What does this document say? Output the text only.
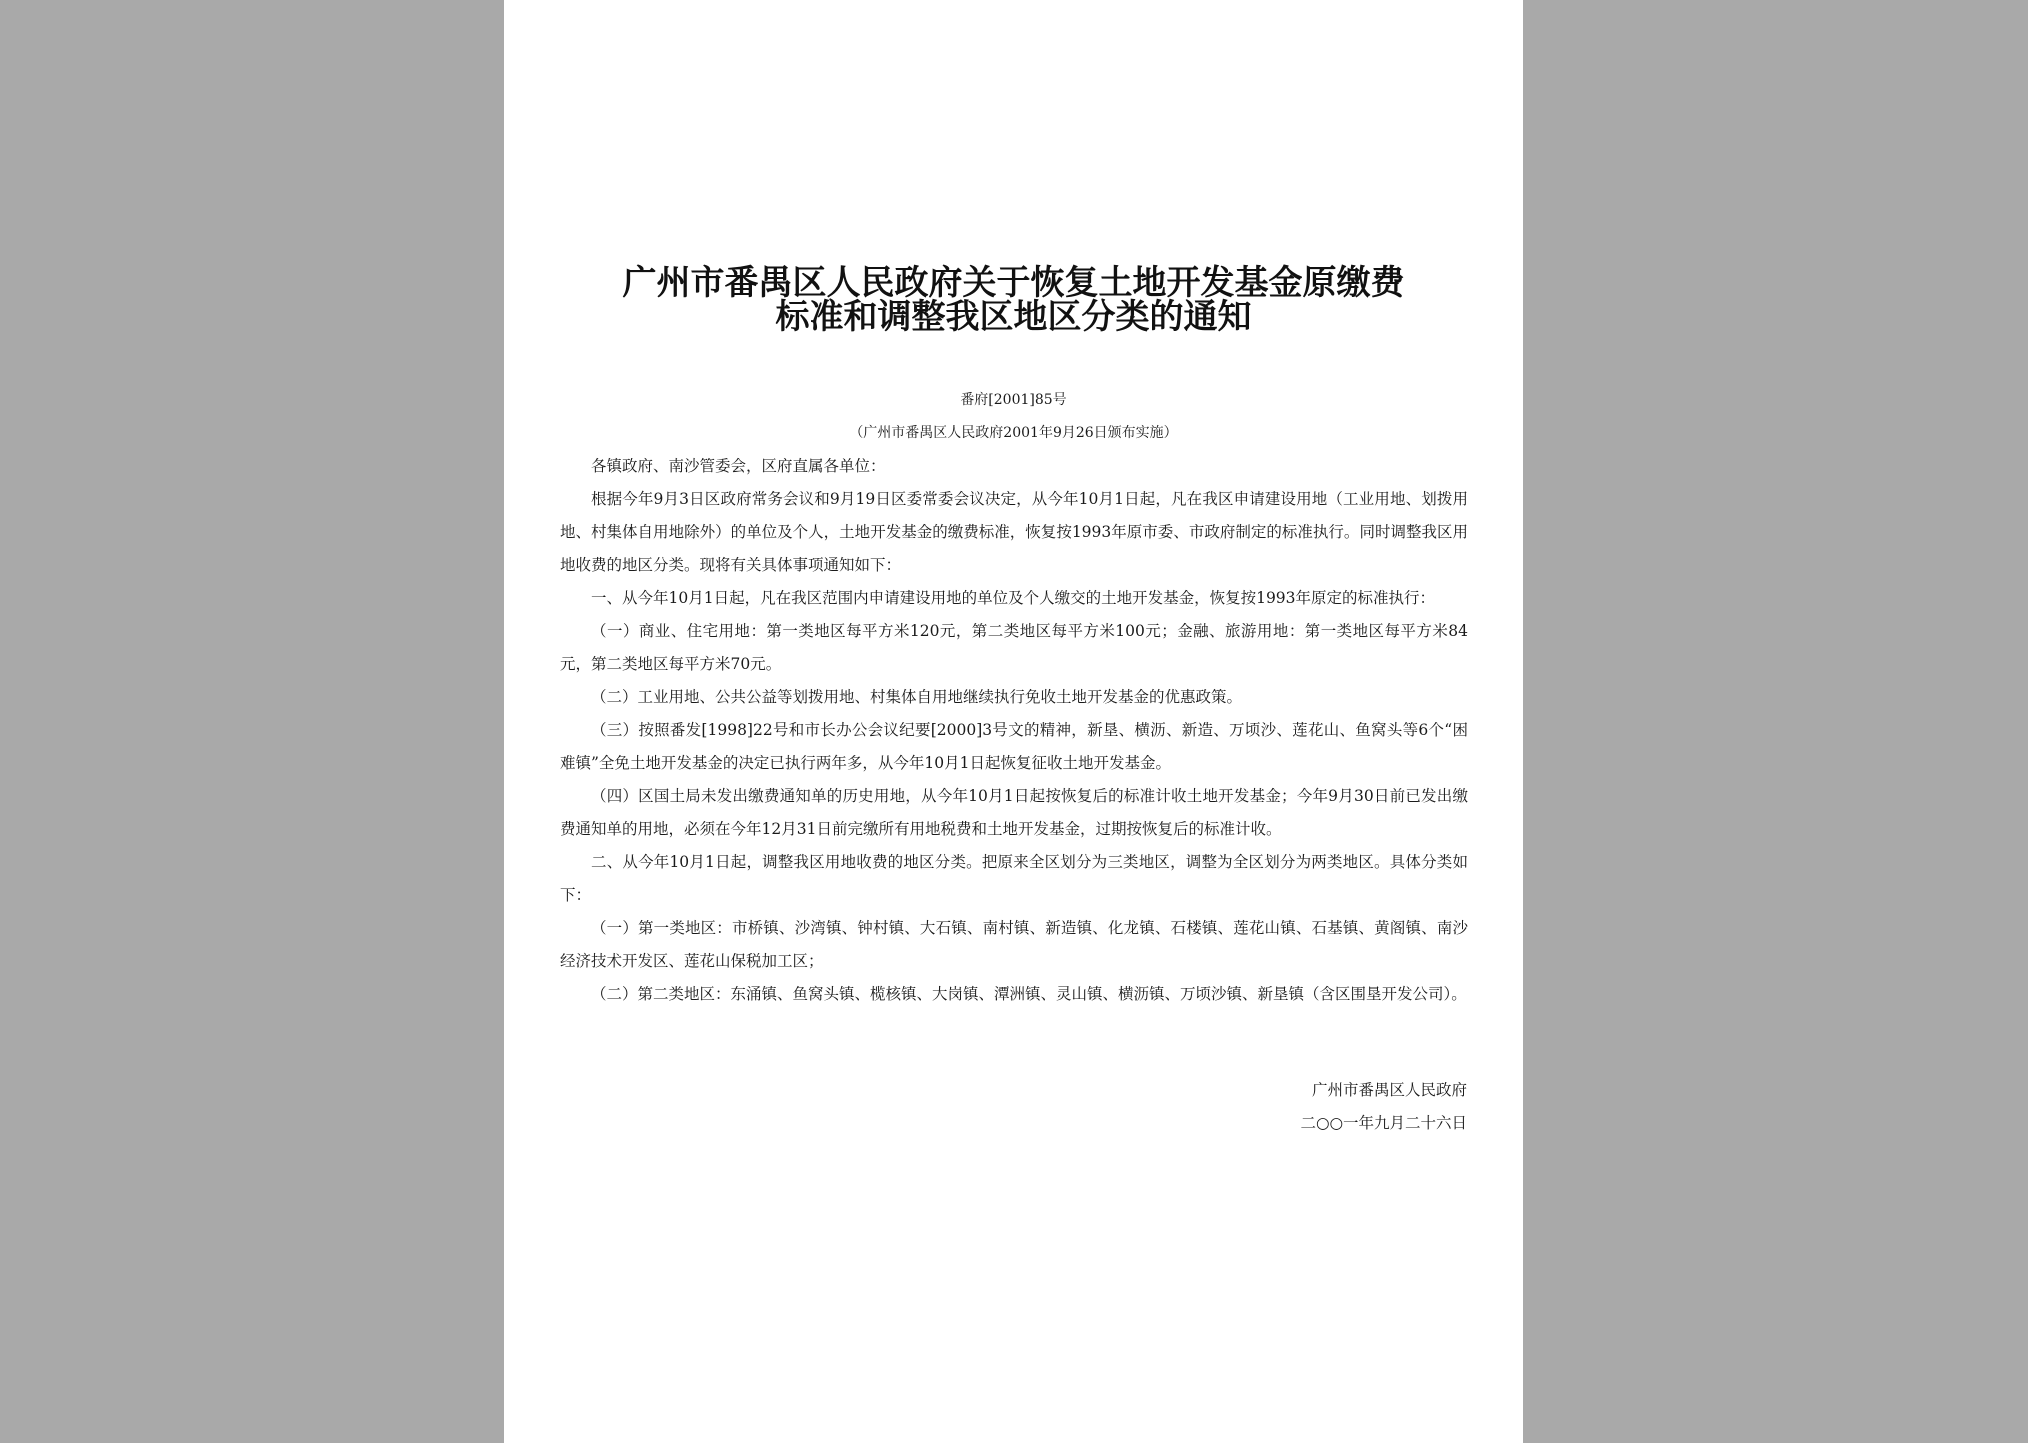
广州市番禺区人民政府关于恢复土地开发基金原缴费
标准和调整我区地区分类的通知
番府[2001]85号
（广州市番禺区人民政府2001年9月26日颁布实施）

各镇政府、南沙管委会，区府直属各单位：

根据今年9月3日区政府常务会议和9月19日区委常委会议决定，从今年10月1日起，凡在我区申请建设用地（工业用地、划拨用地、村集体自用地除外）的单位及个人，土地开发基金的缴费标准，恢复按1993年原市委、市政府制定的标准执行。同时调整我区用地收费的地区分类。现将有关具体事项通知如下：

一、从今年10月1日起，凡在我区范围内申请建设用地的单位及个人缴交的土地开发基金，恢复按1993年原定的标准执行：

（一）商业、住宅用地：第一类地区每平方米120元，第二类地区每平方米100元；金融、旅游用地：第一类地区每平方米84元，第二类地区每平方米70元。

（二）工业用地、公共公益等划拨用地、村集体自用地继续执行免收土地开发基金的优惠政策。

（三）按照番发[1998]22号和市长办公会议纪要[2000]3号文的精神，新垦、横沥、新造、万顷沙、莲花山、鱼窝头等6个“困难镇”全免土地开发基金的决定已执行两年多，从今年10月1日起恢复征收土地开发基金。

（四）区国土局未发出缴费通知单的历史用地，从今年10月1日起按恢复后的标准计收土地开发基金；今年9月30日前已发出缴费通知单的用地，必须在今年12月31日前完缴所有用地税费和土地开发基金，过期按恢复后的标准计收。

二、从今年10月1日起，调整我区用地收费的地区分类。把原来全区划分为三类地区，调整为全区划分为两类地区。具体分类如下：

（一）第一类地区：市桥镇、沙湾镇、钟村镇、大石镇、南村镇、新造镇、化龙镇、石楼镇、莲花山镇、石基镇、黄阁镇、南沙经济技术开发区、莲花山保税加工区；

（二）第二类地区：东涌镇、鱼窝头镇、榄核镇、大岗镇、潭洲镇、灵山镇、横沥镇、万顷沙镇、新垦镇（含区围垦开发公司）。

广州市番禺区人民政府
二○○一年九月二十六日
